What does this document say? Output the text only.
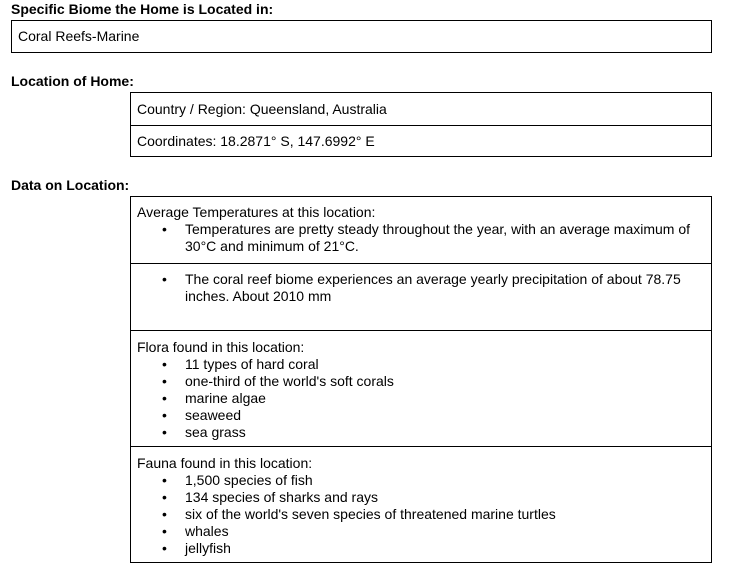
Specific Biome the Home is Located in:
Coral Reefs-Marine
Location of Home:
Country / Region: Queensland, Australia
Coordinates: 18.2871° S, 147.6992° E
Data on Location:
Average Temperatures at this location:
• Temperatures are pretty steady throughout the year, with an average maximum of 30°C and minimum of 21°C.
• The coral reef biome experiences an average yearly precipitation of about 78.75 inches. About 2010 mm
Flora found in this location:
• 11 types of hard coral
• one-third of the world's soft corals
• marine algae
• seaweed
• sea grass
Fauna found in this location:
• 1,500 species of fish
• 134 species of sharks and rays
• six of the world's seven species of threatened marine turtles
• whales
• jellyfish
